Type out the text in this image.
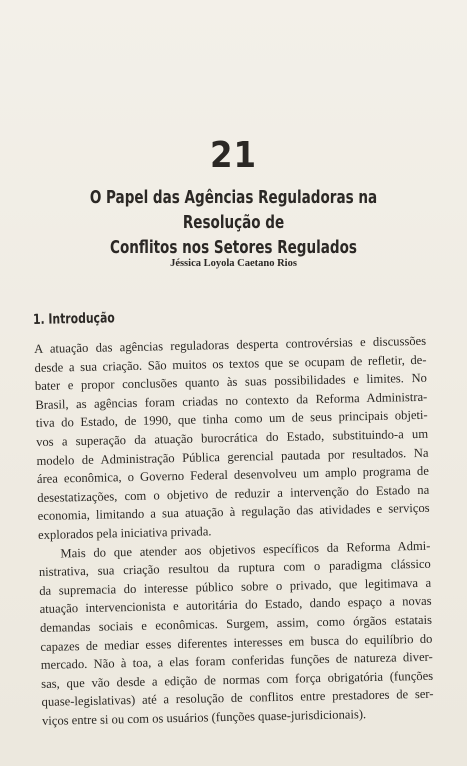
21
O Papel das Agências Reguladoras na Resolução de
Conflitos nos Setores Regulados
Jéssica Loyola Caetano Rios
1. Introdução
A atuação das agências reguladoras desperta controvérsias e discussões
desde a sua criação. São muitos os textos que se ocupam de refletir, de-
bater e propor conclusões quanto às suas possibilidades e limites. No
Brasil, as agências foram criadas no contexto da Reforma Administra-
tiva do Estado, de 1990, que tinha como um de seus principais objeti-
vos a superação da atuação burocrática do Estado, substituindo-a um
modelo de Administração Pública gerencial pautada por resultados. Na
área econômica, o Governo Federal desenvolveu um amplo programa de
desestatizações, com o objetivo de reduzir a intervenção do Estado na
economia, limitando a sua atuação à regulação das atividades e serviços
explorados pela iniciativa privada.
Mais do que atender aos objetivos específicos da Reforma Admi-
nistrativa, sua criação resultou da ruptura com o paradigma clássico
da supremacia do interesse público sobre o privado, que legitimava a
atuação intervencionista e autoritária do Estado, dando espaço a novas
demandas sociais e econômicas. Surgem, assim, como órgãos estatais
capazes de mediar esses diferentes interesses em busca do equilíbrio do
mercado. Não à toa, a elas foram conferidas funções de natureza diver-
sas, que vão desde a edição de normas com força obrigatória (funções
quase-legislativas) até a resolução de conflitos entre prestadores de ser-
viços entre si ou com os usuários (funções quase-jurisdicionais).
